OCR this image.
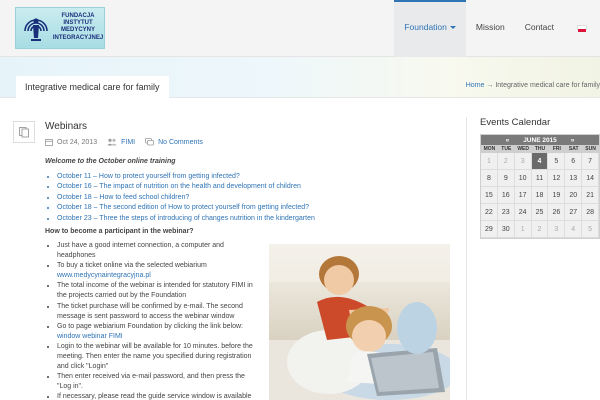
FUNDACJA
INSTYTUT
MEDYCYNY
INTEGRACYJNEJ
Foundation	Mission	Contact
Integrative medical care for family	Home → Integrative medical care for family
Webinars
Oct 24, 2013	FIMI	No Comments
Welcome to the October online training
• October 11 – How to protect yourself from getting infected?
• October 16 – The impact of nutrition on the health and development of children
• October 18 – How to feed school children?
• October 18 – The second edition of How to protect yourself from getting infected?
• October 23 – Three the steps of introducing of changes nutrition in the kindergarten
How to become a participant in the webinar?
• Just have a good internet connection, a computer and headphones
• To buy a ticket online via the selected webiarium
www.medycynaintegracyjna.pl
• The total income of the webinar is intended for statutory FIMI in the projects carried out by the Foundation
• The ticket purchase will be confirmed by e-mail. The second message is sent password to access the webinar window
• Go to page webiarium Foundation by clicking the link below:
window webinar FIMI
• Login to the webinar will be available for 10 minutes. before the meeting. Then enter the name you specified during registration and click "Login"
• Then enter received via e-mail password, and then press the "Log in".
• If necessary, please read the guide service window is available
Events Calendar
« JUNE 2015 »
MON	TUE	WED	THU	FRI	SAT	SUN
1	2	3	4	5	6	7
8	9	10	11	12	13	14
15	16	17	18	19	20	21
22	23	24	25	26	27	28
29	30	1	2	3	4	5
